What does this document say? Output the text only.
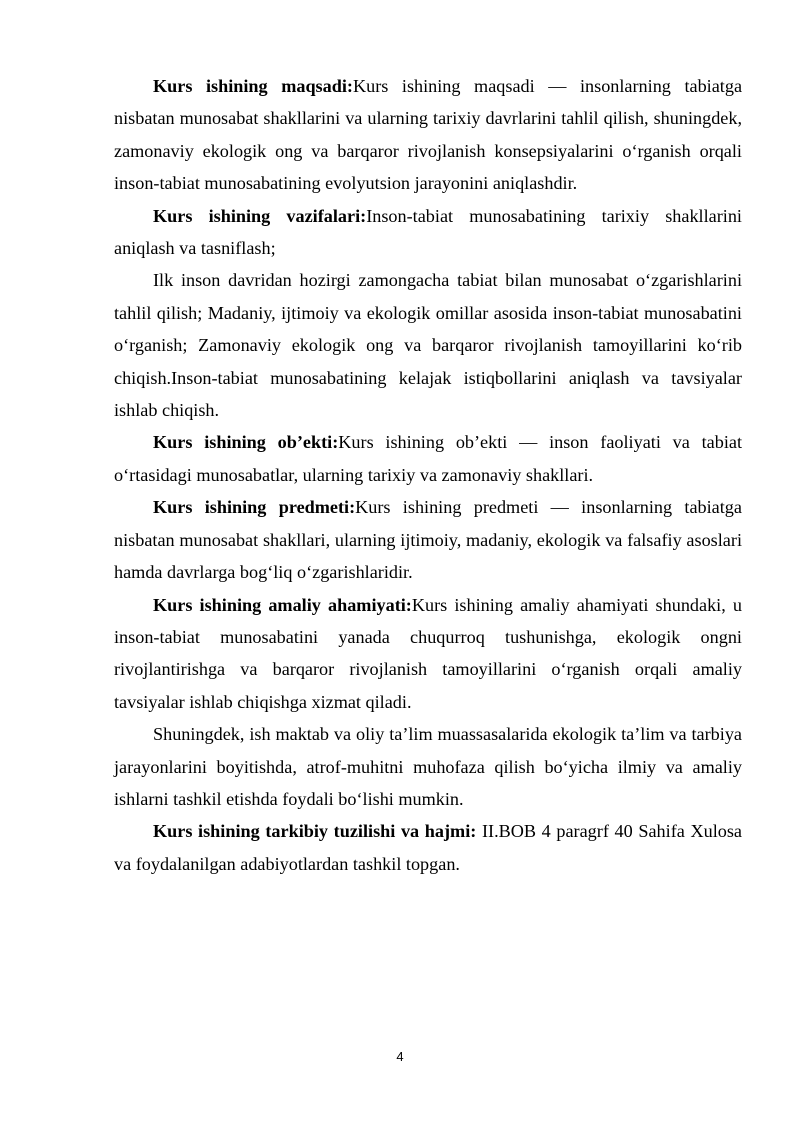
Kurs ishining maqsadi:Kurs ishining maqsadi — insonlarning tabiatga nisbatan munosabat shakllarini va ularning tarixiy davrlarini tahlil qilish, shuningdek, zamonaviy ekologik ong va barqaror rivojlanish konsepsiyalarini oʻrganish orqali inson-tabiat munosabatining evolyutsion jarayonini aniqlashdir.

Kurs ishining vazifalari:Inson-tabiat munosabatining tarixiy shakllarini aniqlash va tasniflash;

Ilk inson davridan hozirgi zamongacha tabiat bilan munosabat oʻzgarishlarini tahlil qilish; Madaniy, ijtimoiy va ekologik omillar asosida inson-tabiat munosabatini oʻrganish; Zamonaviy ekologik ong va barqaror rivojlanish tamoyillarini koʻrib chiqish.Inson-tabiat munosabatining kelajak istiqbollarini aniqlash va tavsiyalar ishlab chiqish.

Kurs ishining ob’ekti:Kurs ishining ob’ekti — inson faoliyati va tabiat oʻrtasidagi munosabatlar, ularning tarixiy va zamonaviy shakllari.

Kurs ishining predmeti:Kurs ishining predmeti — insonlarning tabiatga nisbatan munosabat shakllari, ularning ijtimoiy, madaniy, ekologik va falsafiy asoslari hamda davrlarga bogʻliq oʻzgarishlaridir.

Kurs ishining amaliy ahamiyati:Kurs ishining amaliy ahamiyati shundaki, u inson-tabiat munosabatini yanada chuqurroq tushunishga, ekologik ongni rivojlantirishga va barqaror rivojlanish tamoyillarini oʻrganish orqali amaliy tavsiyalar ishlab chiqishga xizmat qiladi.

Shuningdek, ish maktab va oliy ta’lim muassasalarida ekologik ta’lim va tarbiya jarayonlarini boyitishda, atrof-muhitni muhofaza qilish boʻyicha ilmiy va amaliy ishlarni tashkil etishda foydali boʻlishi mumkin.

Kurs ishining tarkibiy tuzilishi va hajmi: II.BOB 4 paragrf 40 Sahifa Xulosa va foydalanilgan adabiyotlardan tashkil topgan.

4
